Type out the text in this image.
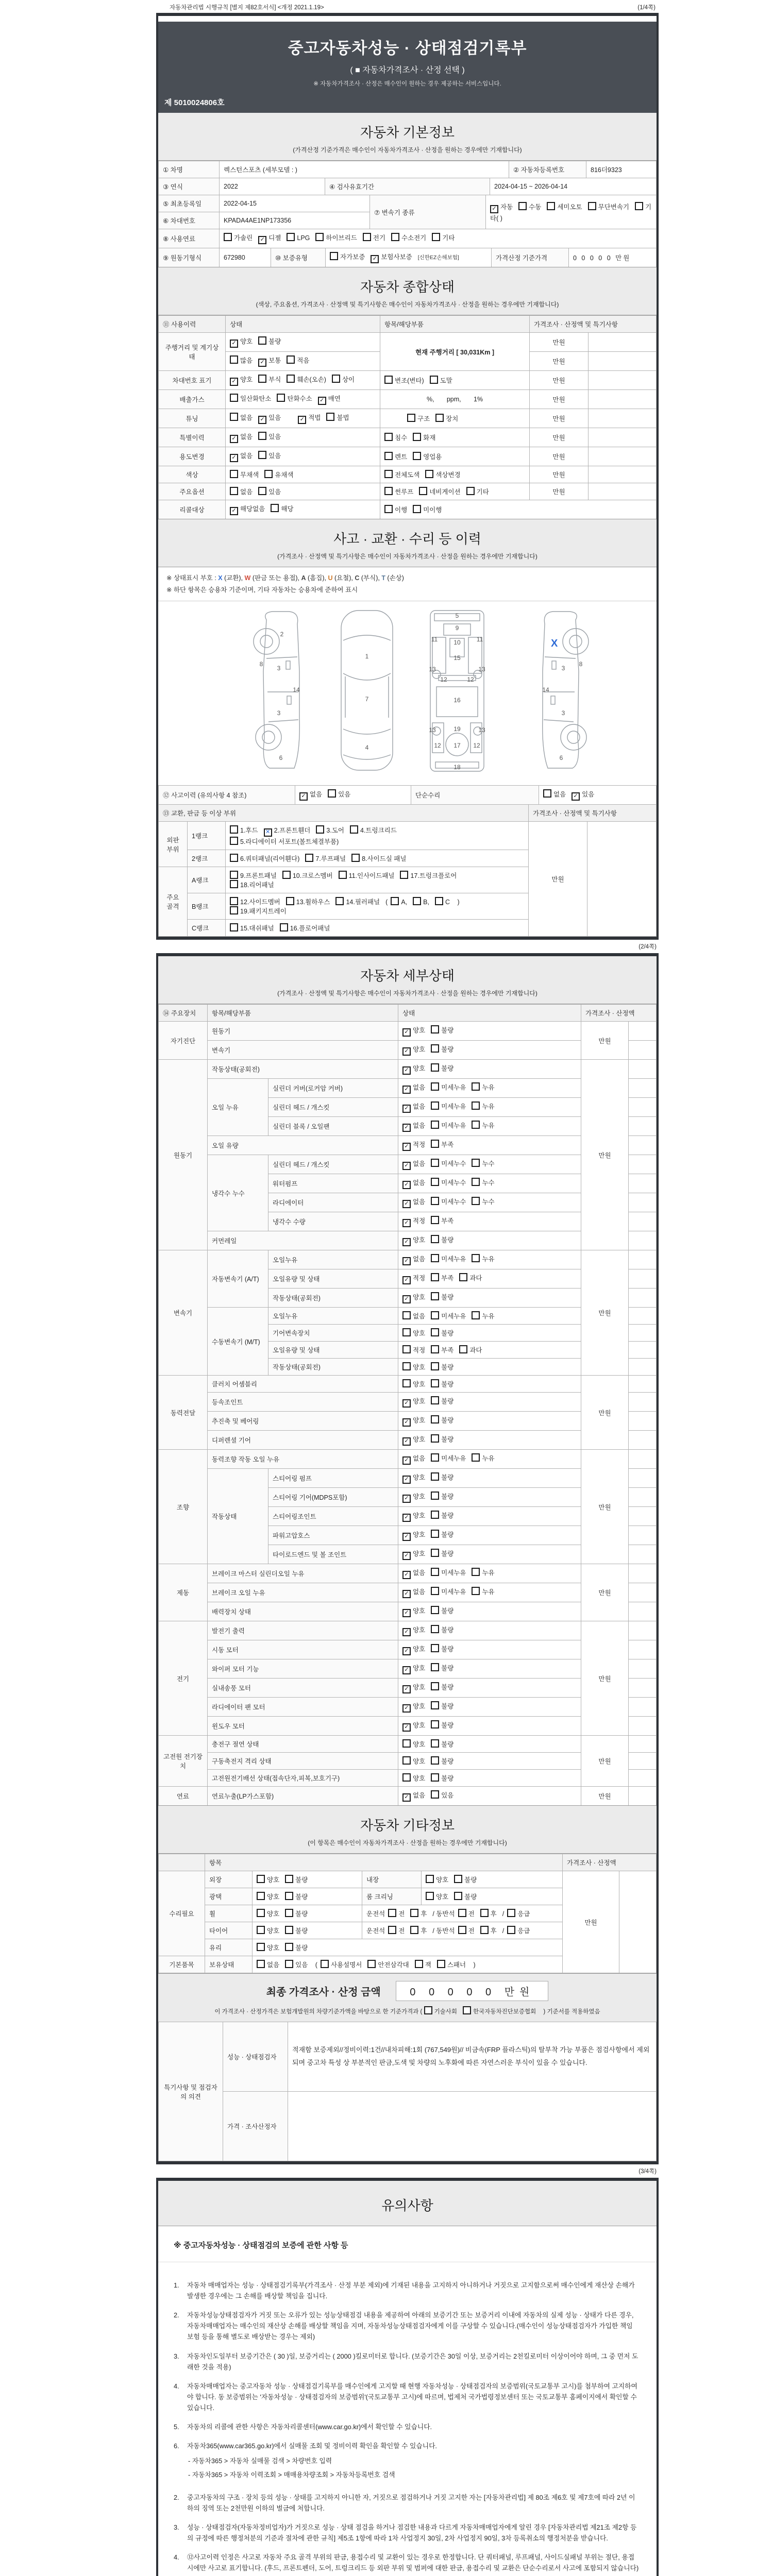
자동차관리법 시행규칙 [별지 제82호서식] <개정 2021.1.19>	(1/4쪽)
중고자동차성능 · 상태점검기록부
( ■ 자동차가격조사 · 산정 선택 )
※ 자동차가격조사 · 산정은 매수인이 원하는 경우 제공하는 서비스입니다.
제 5010024806호
자동차 기본정보
(가격산정 기준가격은 매수인이 자동차가격조사 · 산정을 원하는 경우에만 기재합니다)
① 차명	렉스턴스포츠 (세부모델 : )	② 자동차등록번호	816더9323
③ 연식	2022	④ 검사유효기간	2024-04-15 ~ 2026-04-14
⑤ 최초등록일	2022-04-15	⑦ 변속기 종류	✓ 자동 수동 세미오토 무단변속기 기타( )
⑥ 차대번호	KPADA4AE1NP173356		
⑧ 사용연료	가솔린 ✓ 디젤 LPG 하이브리드 전기 수소전기 기타
⑨ 원동기형식	672980	⑩ 보증유형	자가보증 ✓ 보험사보증 [신한EZ손해보험]	가격산정 기준가격	0 0 0 0 0 만원
자동차 종합상태
(색상, 주요옵션, 가격조사 · 산정액 및 특기사항은 매수인이 자동차가격조사 · 산정을 원하는 경우에만 기재합니다)
⑪ 사용이력	상태	항목/해당부품	가격조사 · 산정액 및 특기사항	
주행거리 및 계기상태	✓ 양호 불량	현재 주행거리 [ 30,031Km ]	만원	
	많음 ✓ 보통 적음		만원	
차대번호 표기	✓ 양호 부식 훼손(오손) 상이	변조(변타) 도말	만원	
배출가스	일산화탄소 탄화수소 ✓ 매연	%,       ppm,       1%	만원	
튜닝	없음 ✓ 있음 ✓ 적법 불법	구조 장치	만원	
특별이력	✓ 없음 있음	침수 화재	만원	
용도변경	✓ 없음 있음	렌트 영업용	만원	
색상	무채색 유채색	전체도색 색상변경	만원	
주요옵션	없음 있음	썬루프 네비게이션 기타	만원	
리콜대상	✓ 해당없음 해당	이행 미이행		
사고 · 교환 · 수리 등 이력
(가격조사 · 산정액 및 특기사항은 매수인이 자동차가격조사 · 산정을 원하는 경우에만 기재합니다)
※ 상태표시 부호 : X (교환), W (판금 또는 용접), A (흠집), U (요철), C (부식), T (손상)
※ 하단 항목은 승용차 기준이며, 기타 자동차는 승용차에 준하여 표시
2
8
3
14
3
6
1
7
4
5
9
11	11
13	13
12	12
10
15
16
13	13
19
12	12
17
18
3
8
14
3
6
X
⑫ 사고이력 (유의사항 4 참조)	✓ 없음 있음	단순수리	없음 ✓ 있음
⑬ 교환, 판금 등 이상 부위	가격조사 · 산정액 및 특기사항
외판 부위	1랭크	1.후드 ✕ 2.프론트휀더 3.도어 4.트렁크리드
5.라디에이터 서포트(볼트체결부품)	만원	
	2랭크	6.쿼터패널(리어휀다) 7.루프패널 8.사이드실 패널		
주요 골격	A랭크	9.프론트패널 10.크로스멤버 11.인사이드패널 17.트렁크플로어
18.리어패널		
	B랭크	12.사이드멤버 13.휠하우스 14.필러패널 ( A, B, C )
19.패키지트레이		
	C랭크	15.대쉬패널 16.플로어패널		
(2/4쪽)
자동차 세부상태
(가격조사 · 산정액 및 특기사항은 매수인이 자동차가격조사 · 산정을 원하는 경우에만 기재합니다)
⑭ 주요장치	항목/해당부품		상태	가격조사 · 산정액	
자기진단	원동기		✓ 양호 불량	만원	
	변속기		✓ 양호 불량		
원동기	작동상태(공회전)		✓ 양호 불량	만원	
	오일 누유	실린더 커버(로커암 커버)	✓ 없음 미세누유 누유		
		실린더 헤드 / 개스킷	✓ 없음 미세누유 누유		
		실린더 블록 / 오일팬	✓ 없음 미세누유 누유		
	오일 유량		✓ 적정 부족		
	냉각수 누수	실린더 헤드 / 개스킷	✓ 없음 미세누수 누수		
		워터펌프	✓ 없음 미세누수 누수		
		라디에이터	✓ 없음 미세누수 누수		
		냉각수 수량	✓ 적정 부족		
	커먼레일		✓ 양호 불량		
변속기	자동변속기 (A/T)	오일누유	✓ 없음 미세누유 누유	만원	
		오일유량 및 상태	✓ 적정 부족 과다		
		작동상태(공회전)	✓ 양호 불량		
	수동변속기 (M/T)	오일누유	없음 미세누유 누유		
		기어변속장치	양호 불량		
		오일유량 및 상태	적정 부족 과다		
		작동상태(공회전)	양호 불량		
동력전달	클러치 어셈블리		양호 불량	만원	
	등속조인트		✓ 양호 불량		
	추진축 및 베어링		✓ 양호 불량		
	디퍼렌셜 기어		✓ 양호 불량		
조향	동력조향 작동 오일 누유		✓ 없음 미세누유 누유	만원	
	작동상태	스티어링 펌프	✓ 양호 불량		
		스티어링 기어(MDPS포함)	✓ 양호 불량		
		스티어링조인트	✓ 양호 불량		
		파워고압호스	✓ 양호 불량		
		타이로드엔드 및 볼 조인트	✓ 양호 불량		
제동	브레이크 마스터 실린더오일 누유		✓ 없음 미세누유 누유	만원	
	브레이크 오일 누유		✓ 없음 미세누유 누유		
	배력장치 상태		✓ 양호 불량		
전기	발전기 출력		✓ 양호 불량	만원	
	시동 모터		✓ 양호 불량		
	와이퍼 모터 기능		✓ 양호 불량		
	실내송풍 모터		✓ 양호 불량		
	라디에이터 팬 모터		✓ 양호 불량		
	윈도우 모터		✓ 양호 불량		
고전원 전기장치	충전구 절연 상태		양호 불량	만원	
	구동축전지 격리 상태		양호 불량		
	고전원전기배선 상태(접속단자,피복,보호기구)		양호 불량		
연료	연료누출(LP가스포함)		✓ 없음 있음	만원	
자동차 기타정보
(이 항목은 매수인이 자동차가격조사 · 산정을 원하는 경우에만 기재합니다)
	항목				가격조사 · 산정액	
수리필요	외장	양호 불량	내장	양호 불량	만원	
	광택	양호 불량	룸 크리닝	양호 불량		
	휠	양호 불량	운전석 전 후 / 동반석 전 후 / 응급			
	타이어	양호 불량	운전석 전 후 / 동반석 전 후 / 응급			
	유리	양호 불량				
기본품목	보유상태	없음 있음 ( 사용설명서 안전삼각대 잭 스패너 )				
최종 가격조사 · 산정 금액	0 0 0 0 0 만원
이 가격조사 · 산정가격은 보험개발원의 차량기준가액을 바탕으로 한 기준가격과 ( 기술사회	한국자동차진단보증협회 ) 기준서를 적용하였음
특기사항 및 점검자의 의견	성능 · 상태점검자	적재함 보증제외//정비이력:1건//내차피해:1회 (767,549원)// 비금속(FRP 플라스틱)의 탈부착 가능 부품은 점검사항에서 제외되며 중고차 특성 상 부분적인 판금,도색 및 차량의 노후화에 따른 자연스러운 부식이 있을 수 있습니다.
	가격 · 조사산정자	
(3/4쪽)
유의사항
※ 중고자동차성능 · 상태점검의 보증에 관한 사항 등
1.	자동차 매매업자는 성능 · 상태점검기록부(가격조사 · 산정 부분 제외)에 기재된 내용을 고지하지 아니하거나 거짓으로 고지함으로써 매수인에게 재산상 손해가 발생한 경우에는 그 손해를 배상할 책임을 집니다.
2.	자동차성능상태점검자가 거짓 또는 오류가 있는 성능상태점검 내용을 제공하여 아래의 보증기간 또는 보증거리 이내에 자동차의 실제 성능 · 상태가 다른 경우, 자동차매매업자는 매수인의 재산상 손해를 배상할 책임을 지며, 자동차성능상태점검자에게 이를 구상할 수 있습니다.(매수인이 성능상태점검자가 가입한 책임보험 등을 통해 별도로 배상받는 경우는 제외)
3.	자동차인도일부터 보증기간은 ( 30 )일, 보증거리는 ( 2000 )킬로미터로 합니다. (보증기간은 30일 이상, 보증거리는 2천킬로미터 이상이어야 하며, 그 중 먼저 도래한 것을 적용)
4.	자동차매매업자는 중고자동차 성능 · 상태점검기록부를 매수인에게 고지할 때 현행 자동차성능 · 상태점검자의 보증범위(국토교통부 고시)를 첨부하여 고지하여야 합니다. 동 보증범위는 '자동차성능 · 상태점검자의 보증범위'(국토교통부 고시)에 따르며, 법제처 국가법령정보센터 또는 국토교통부 홈페이지에서 확인할 수 있습니다.
5.	자동차의 리콜에 관한 사항은 자동차리콜센터(www.car.go.kr)에서 확인할 수 있습니다.
6.	자동차365(www.car365.go.kr)에서 실매물 조회 및 정비이력 확인을 확인할 수 있습니다.
- 자동차365 > 자동차 실매물 검색 > 차량번호 입력
- 자동차365 > 자동차 이력조회 > 매매용차량조회 > 자동차등록번호 검색
2.	중고자동차의 구조 · 장치 등의 성능 · 상태를 고지하지 아니한 자, 거짓으로 점검하거나 거짓 고지한 자는 [자동차관리법] 제 80조 제6호 및 제7호에 따라 2년 이하의 징역 또는 2천만원 이하의 벌금에 처합니다.
3.	성능 · 상태점검자(자동차정비업자)가 거짓으로 성능 · 상태 점검을 하거나 점검한 내용과 다르게 자동차매매업자에게 알린 경우 [자동차관리법 제21조 제2항 등의 규정에 따른 행정처분의 기준과 절차에 관한 규칙] 제5조 1항에 따라 1차 사업정지 30일, 2차 사업정지 90일, 3차 등록취소의 행정처분을 받습니다.
4.	⑫사고이력 인정은 사고로 자동차 주요 골격 부위의 판금, 용접수리 및 교환이 있는 경우로 한정합니다. 단 쿼터패널, 루프패널, 사이드실패널 부위는 절단, 용접 시에만 사고로 표기합니다. (후드, 프론트펜더, 도어, 트렁크리드 등 외판 부위 및 범퍼에 대한 판금, 용접수리 및 교환은 단순수리로서 사고에 포함되지 않습니다)
